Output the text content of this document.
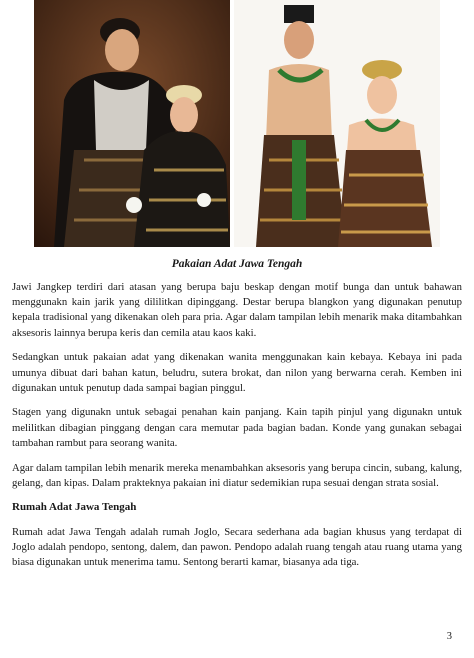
Pakaian Adat Jawa Tengah

Jawi Jangkep terdiri dari atasan yang berupa baju beskap dengan motif bunga dan untuk bahawan menggunakn kain jarik yang dililitkan dipinggang. Destar berupa blangkon yang digunakan penutup kepala tradisional yang dikenakan oleh para pria. Agar dalam tampilan lebih menarik maka ditambahkan aksesoris lainnya berupa keris dan cemila atau kaos kaki.

Sedangkan untuk pakaian adat yang dikenakan wanita menggunakan kain kebaya. Kebaya ini pada umunya dibuat dari bahan katun, beludru, sutera brokat, dan nilon yang berwarna cerah. Kemben ini digunakan untuk penutup dada sampai bagian pinggul.

Stagen yang digunakn untuk sebagai penahan kain panjang. Kain tapih pinjul yang digunakn untuk melilitkan dibagian pinggang dengan cara memutar pada bagian badan. Konde yang gunakan sebagai tambahan rambut para seorang wanita.

Agar dalam tampilan lebih menarik mereka menambahkan aksesoris yang berupa cincin, subang, kalung, gelang, dan kipas. Dalam prakteknya pakaian ini diatur sedemikian rupa sesuai dengan strata sosial.

Rumah Adat Jawa Tengah

Rumah adat Jawa Tengah adalah rumah Joglo, Secara sederhana ada bagian khusus yang terdapat di Joglo adalah pendopo, sentong, dalem, dan pawon. Pendopo adalah ruang tengah atau ruang utama yang biasa digunakan untuk menerima tamu. Sentong berarti kamar, biasanya ada tiga.

3
